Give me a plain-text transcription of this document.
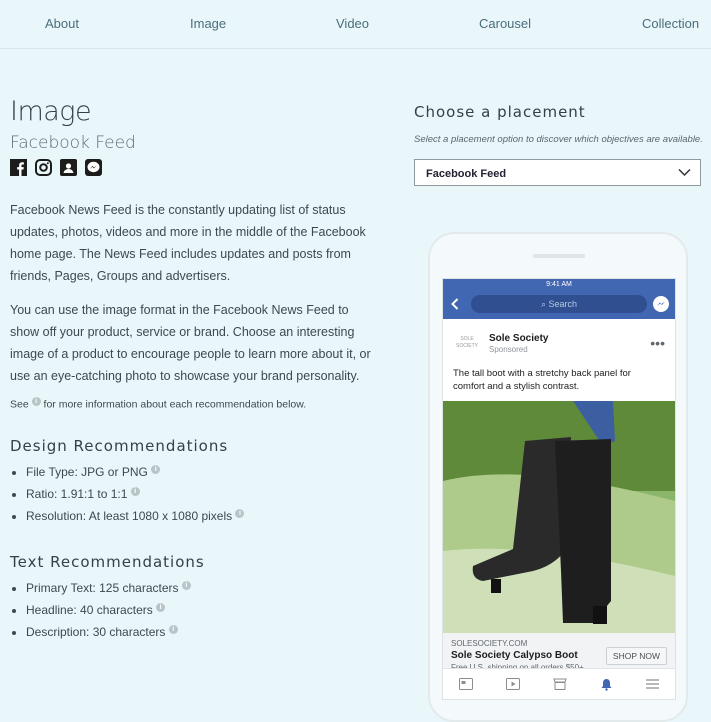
About	Image	Video	Carousel	Collection
Image
Facebook Feed

Facebook News Feed is the constantly updating list of status updates, photos, videos and more in the middle of the Facebook home page. The News Feed includes updates and posts from friends, Pages, Groups and advertisers.

You can use the image format in the Facebook News Feed to show off your product, service or brand. Choose an interesting image of a product to encourage people to learn more about it, or use an eye-catching photo to showcase your brand personality.

See i for more information about each recommendation below.
Design Recommendations
• File Type: JPG or PNG i
• Ratio: 1.91:1 to 1:1 i
• Resolution: At least 1080 x 1080 pixels i
Text Recommendations
• Primary Text: 125 characters i
• Headline: 40 characters i
• Description: 30 characters i
Choose a placement
Select a placement option to discover which objectives are available.
Facebook Feed
9:41 AM
⌕ Search
SOLE SOCIETY
Sole Society
Sponsored	•••
The tall boot with a stretchy back panel for comfort and a stylish contrast.
SOLESOCIETY.COM
Sole Society Calypso Boot	SHOP NOW
